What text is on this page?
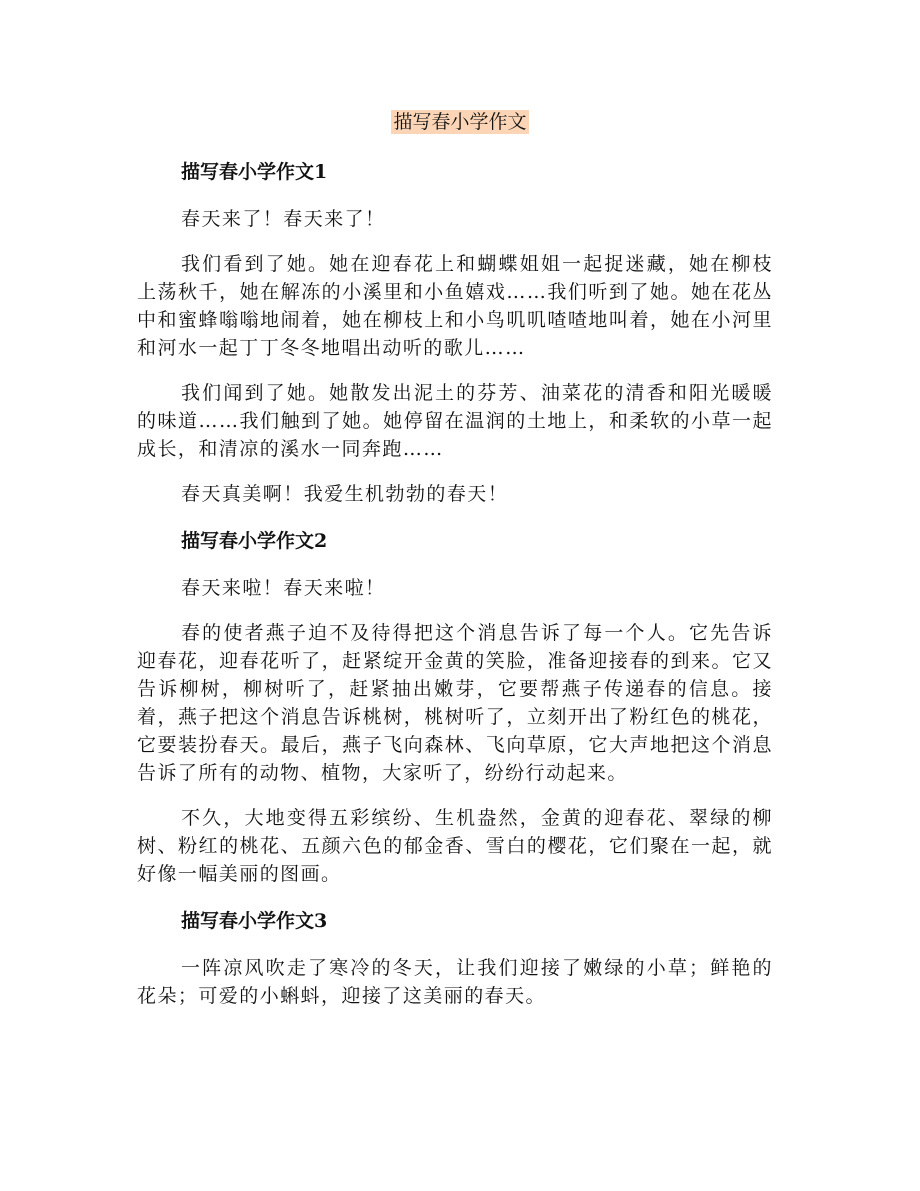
描写春小学作文
描写春小学作文1

春天来了！春天来了！

我们看到了她。她在迎春花上和蝴蝶姐姐一起捉迷藏，她在柳枝上荡秋千，她在解冻的小溪里和小鱼嬉戏……我们听到了她。她在花丛中和蜜蜂嗡嗡地闹着，她在柳枝上和小鸟叽叽喳喳地叫着，她在小河里和河水一起丁丁冬冬地唱出动听的歌儿……

我们闻到了她。她散发出泥土的芬芳、油菜花的清香和阳光暖暖的味道……我们触到了她。她停留在温润的土地上，和柔软的小草一起成长，和清凉的溪水一同奔跑……

春天真美啊！我爱生机勃勃的春天！

描写春小学作文2

春天来啦！春天来啦！

春的使者燕子迫不及待得把这个消息告诉了每一个人。它先告诉迎春花，迎春花听了，赶紧绽开金黄的笑脸，准备迎接春的到来。它又告诉柳树，柳树听了，赶紧抽出嫩芽，它要帮燕子传递春的信息。接着，燕子把这个消息告诉桃树，桃树听了，立刻开出了粉红色的桃花，它要装扮春天。最后，燕子飞向森林、飞向草原，它大声地把这个消息告诉了所有的动物、植物，大家听了，纷纷行动起来。

不久，大地变得五彩缤纷、生机盎然，金黄的迎春花、翠绿的柳树、粉红的桃花、五颜六色的郁金香、雪白的樱花，它们聚在一起，就好像一幅美丽的图画。

描写春小学作文3

一阵凉风吹走了寒冷的冬天，让我们迎接了嫩绿的小草；鲜艳的花朵；可爱的小蝌蚪，迎接了这美丽的春天。
